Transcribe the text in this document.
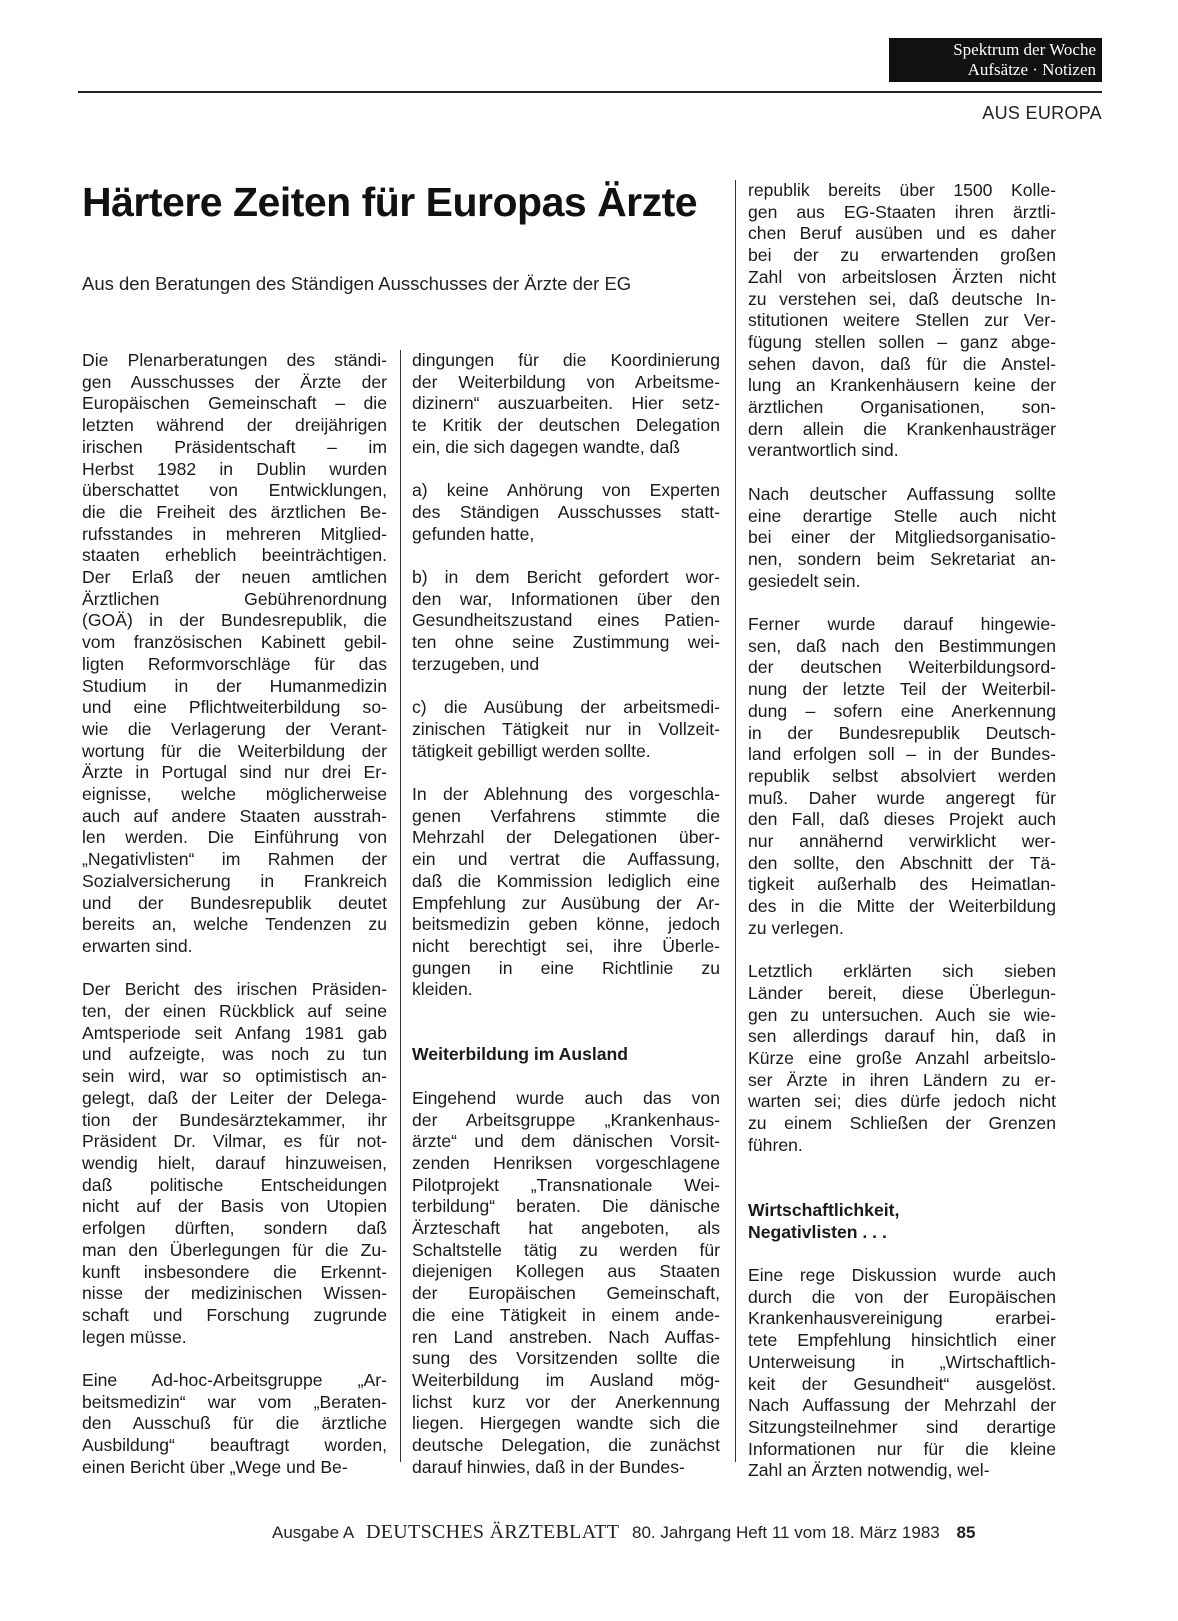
Spektrum der Woche
Aufsätze · Notizen
AUS EUROPA
Härtere Zeiten für Europas Ärzte

Aus den Beratungen des Ständigen Ausschusses der Ärzte der EG

Die Plenarberatungen des ständi-
gen Ausschusses der Ärzte der
Europäischen Gemeinschaft – die
letzten während der dreijährigen
irischen Präsidentschaft – im
Herbst 1982 in Dublin wurden
überschattet von Entwicklungen,
die die Freiheit des ärztlichen Be-
rufsstandes in mehreren Mitglied-
staaten erheblich beeinträchtigen.
Der Erlaß der neuen amtlichen
Ärztlichen Gebührenordnung
(GOÄ) in der Bundesrepublik, die
vom französischen Kabinett gebil-
ligten Reformvorschläge für das
Studium in der Humanmedizin
und eine Pflichtweiterbildung so-
wie die Verlagerung der Verant-
wortung für die Weiterbildung der
Ärzte in Portugal sind nur drei Er-
eignisse, welche möglicherweise
auch auf andere Staaten ausstrah-
len werden. Die Einführung von
„Negativlisten“ im Rahmen der
Sozialversicherung in Frankreich
und der Bundesrepublik deutet
bereits an, welche Tendenzen zu
erwarten sind.

Der Bericht des irischen Präsiden-
ten, der einen Rückblick auf seine
Amtsperiode seit Anfang 1981 gab
und aufzeigte, was noch zu tun
sein wird, war so optimistisch an-
gelegt, daß der Leiter der Delega-
tion der Bundesärztekammer, ihr
Präsident Dr. Vilmar, es für not-
wendig hielt, darauf hinzuweisen,
daß politische Entscheidungen
nicht auf der Basis von Utopien
erfolgen dürften, sondern daß
man den Überlegungen für die Zu-
kunft insbesondere die Erkennt-
nisse der medizinischen Wissen-
schaft und Forschung zugrunde
legen müsse.

Eine Ad-hoc-Arbeitsgruppe „Ar-
beitsmedizin“ war vom „Beraten-
den Ausschuß für die ärztliche
Ausbildung“ beauftragt worden,
einen Bericht über „Wege und Be-

dingungen für die Koordinierung
der Weiterbildung von Arbeitsme-
dizinern“ auszuarbeiten. Hier setz-
te Kritik der deutschen Delegation
ein, die sich dagegen wandte, daß

a) keine Anhörung von Experten
des Ständigen Ausschusses statt-
gefunden hatte,

b) in dem Bericht gefordert wor-
den war, Informationen über den
Gesundheitszustand eines Patien-
ten ohne seine Zustimmung wei-
terzugeben, und

c) die Ausübung der arbeitsmedi-
zinischen Tätigkeit nur in Vollzeit-
tätigkeit gebilligt werden sollte.

In der Ablehnung des vorgeschla-
genen Verfahrens stimmte die
Mehrzahl der Delegationen über-
ein und vertrat die Auffassung,
daß die Kommission lediglich eine
Empfehlung zur Ausübung der Ar-
beitsmedizin geben könne, jedoch
nicht berechtigt sei, ihre Überle-
gungen in eine Richtlinie zu
kleiden.

Weiterbildung im Ausland

Eingehend wurde auch das von
der Arbeitsgruppe „Krankenhaus-
ärzte“ und dem dänischen Vorsit-
zenden Henriksen vorgeschlagene
Pilotprojekt „Transnationale Wei-
terbildung“ beraten. Die dänische
Ärzteschaft hat angeboten, als
Schaltstelle tätig zu werden für
diejenigen Kollegen aus Staaten
der Europäischen Gemeinschaft,
die eine Tätigkeit in einem ande-
ren Land anstreben. Nach Auffas-
sung des Vorsitzenden sollte die
Weiterbildung im Ausland mög-
lichst kurz vor der Anerkennung
liegen. Hiergegen wandte sich die
deutsche Delegation, die zunächst
darauf hinwies, daß in der Bundes-

republik bereits über 1500 Kolle-
gen aus EG-Staaten ihren ärztli-
chen Beruf ausüben und es daher
bei der zu erwartenden großen
Zahl von arbeitslosen Ärzten nicht
zu verstehen sei, daß deutsche In-
stitutionen weitere Stellen zur Ver-
fügung stellen sollen – ganz abge-
sehen davon, daß für die Anstel-
lung an Krankenhäusern keine der
ärztlichen Organisationen, son-
dern allein die Krankenhausträger
verantwortlich sind.

Nach deutscher Auffassung sollte
eine derartige Stelle auch nicht
bei einer der Mitgliedsorganisatio-
nen, sondern beim Sekretariat an-
gesiedelt sein.

Ferner wurde darauf hingewie-
sen, daß nach den Bestimmungen
der deutschen Weiterbildungsord-
nung der letzte Teil der Weiterbil-
dung – sofern eine Anerkennung
in der Bundesrepublik Deutsch-
land erfolgen soll – in der Bundes-
republik selbst absolviert werden
muß. Daher wurde angeregt für
den Fall, daß dieses Projekt auch
nur annähernd verwirklicht wer-
den sollte, den Abschnitt der Tä-
tigkeit außerhalb des Heimatlan-
des in die Mitte der Weiterbildung
zu verlegen.

Letztlich erklärten sich sieben
Länder bereit, diese Überlegun-
gen zu untersuchen. Auch sie wie-
sen allerdings darauf hin, daß in
Kürze eine große Anzahl arbeitslo-
ser Ärzte in ihren Ländern zu er-
warten sei; dies dürfe jedoch nicht
zu einem Schließen der Grenzen
führen.

Wirtschaftlichkeit,
Negativlisten . . .

Eine rege Diskussion wurde auch
durch die von der Europäischen
Krankenhausvereinigung erarbei-
tete Empfehlung hinsichtlich einer
Unterweisung in „Wirtschaftlich-
keit der Gesundheit“ ausgelöst.
Nach Auffassung der Mehrzahl der
Sitzungsteilnehmer sind derartige
Informationen nur für die kleine
Zahl an Ärzten notwendig, wel-

Ausgabe A DEUTSCHES ÄRZTEBLATT 80. Jahrgang Heft 11 vom 18. März 1983 85
